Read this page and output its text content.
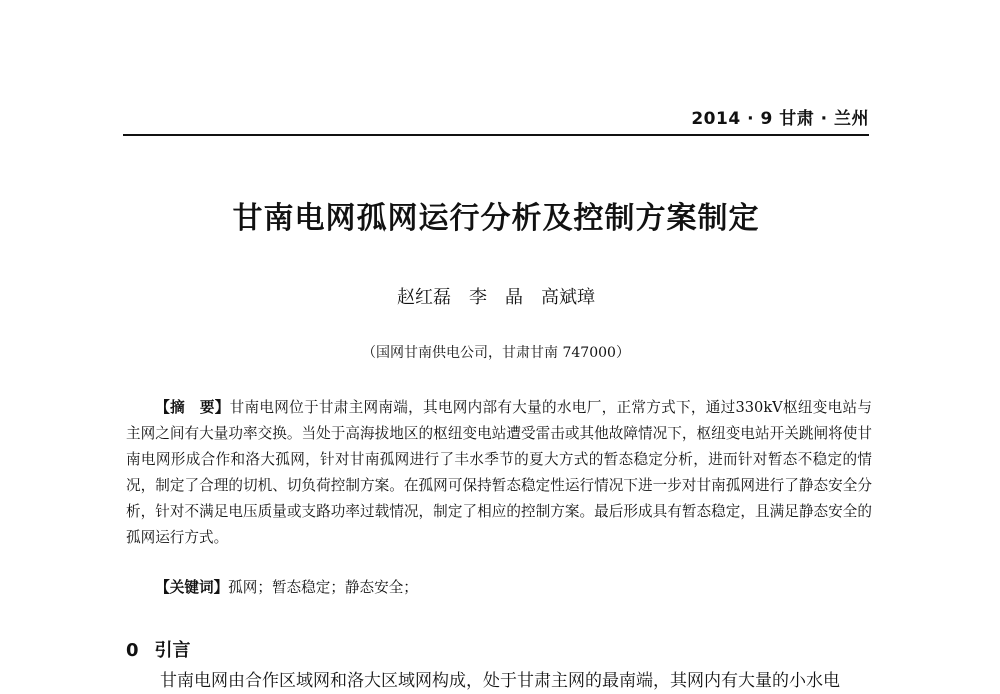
2014 · 9 甘肃 · 兰州
甘南电网孤网运行分析及控制方案制定
赵红磊　李　晶　高斌璋
（国网甘南供电公司，甘肃甘南 747000）

【摘　要】甘南电网位于甘肃主网南端，其电网内部有大量的水电厂，正常方式下，通过330kV枢纽变电站与主网之间有大量功率交换。当处于高海拔地区的枢纽变电站遭受雷击或其他故障情况下，枢纽变电站开关跳闸将使甘南电网形成合作和洛大孤网，针对甘南孤网进行了丰水季节的夏大方式的暂态稳定分析，进而针对暂态不稳定的情况，制定了合理的切机、切负荷控制方案。在孤网可保持暂态稳定性运行情况下进一步对甘南孤网进行了静态安全分析，针对不满足电压质量或支路功率过载情况，制定了相应的控制方案。最后形成具有暂态稳定，且满足静态安全的孤网运行方式。

【关键词】孤网；暂态稳定；静态安全；

0 引言
甘南电网由合作区域网和洛大区域网构成，处于甘肃主网的最南端，其网内有大量的小水电
